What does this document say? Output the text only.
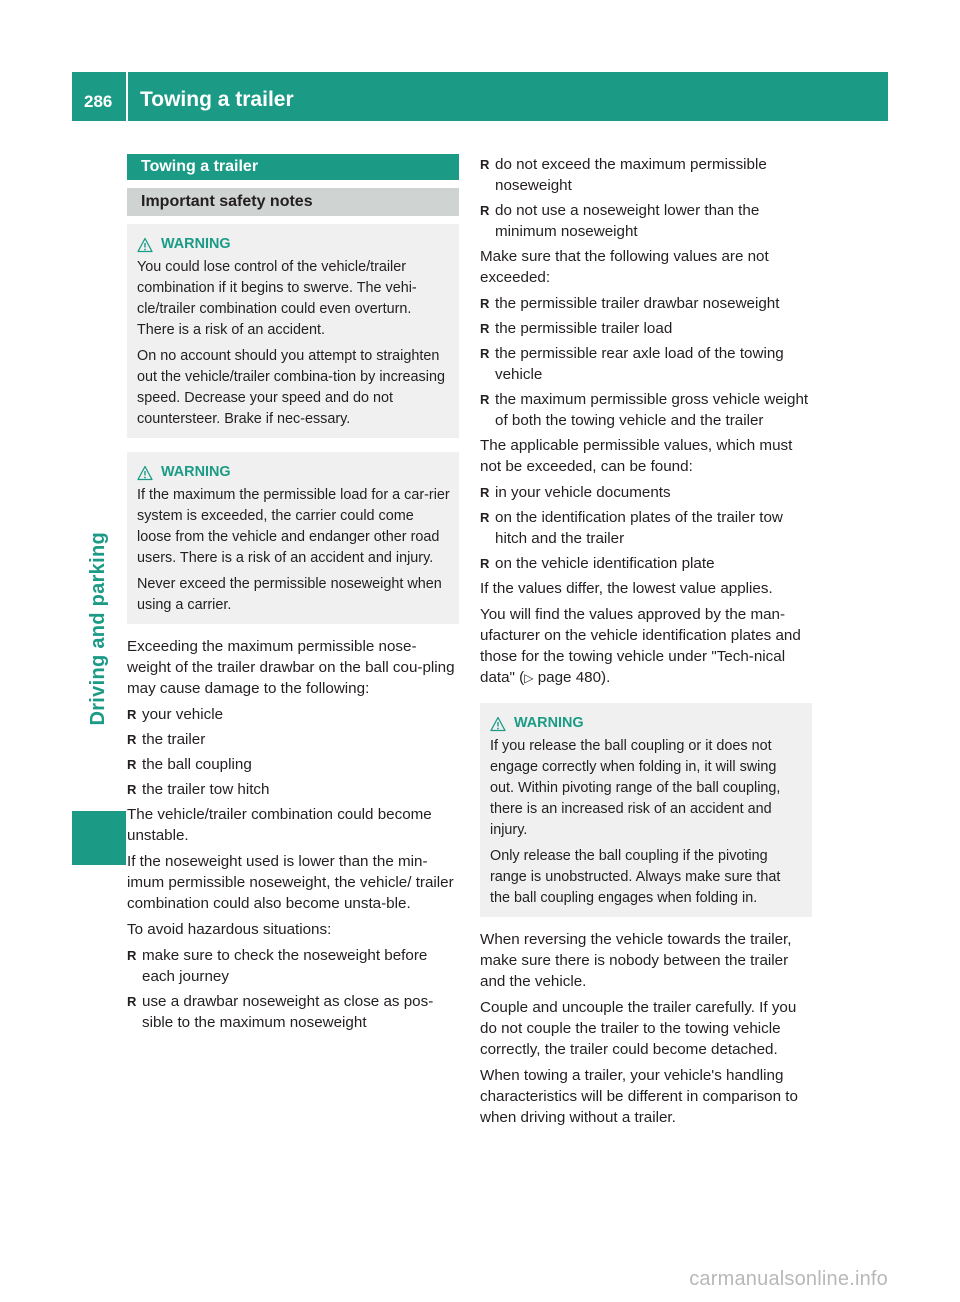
286 Towing a trailer
Driving and parking
Towing a trailer
Important safety notes
WARNING

You could lose control of the vehicle/trailer combination if it begins to swerve. The vehi-cle/trailer combination could even overturn. There is a risk of an accident.

On no account should you attempt to straighten out the vehicle/trailer combina-tion by increasing speed. Decrease your speed and do not countersteer. Brake if nec-essary.

WARNING

If the maximum the permissible load for a car-rier system is exceeded, the carrier could come loose from the vehicle and endanger other road users. There is a risk of an accident and injury.

Never exceed the permissible noseweight when using a carrier.

Exceeding the maximum permissible nose-weight of the trailer drawbar on the ball cou-pling may cause damage to the following:

R your vehicle
R the trailer
R the ball coupling
R the trailer tow hitch

The vehicle/trailer combination could become unstable.

If the noseweight used is lower than the min-imum permissible noseweight, the vehicle/ trailer combination could also become unsta-ble.

To avoid hazardous situations:

R make sure to check the noseweight before each journey
R use a drawbar noseweight as close as pos-sible to the maximum noseweight
R do not exceed the maximum permissible noseweight
R do not use a noseweight lower than the minimum noseweight

Make sure that the following values are not exceeded:

R the permissible trailer drawbar noseweight
R the permissible trailer load
R the permissible rear axle load of the towing vehicle
R the maximum permissible gross vehicle weight of both the towing vehicle and the trailer

The applicable permissible values, which must not be exceeded, can be found:

R in your vehicle documents
R on the identification plates of the trailer tow hitch and the trailer
R on the vehicle identification plate

If the values differ, the lowest value applies.

You will find the values approved by the man-ufacturer on the vehicle identification plates and those for the towing vehicle under "Tech-nical data" (▷ page 480).

WARNING

If you release the ball coupling or it does not engage correctly when folding in, it will swing out. Within pivoting range of the ball coupling, there is an increased risk of an accident and injury.

Only release the ball coupling if the pivoting range is unobstructed. Always make sure that the ball coupling engages when folding in.

When reversing the vehicle towards the trailer, make sure there is nobody between the trailer and the vehicle.

Couple and uncouple the trailer carefully. If you do not couple the trailer to the towing vehicle correctly, the trailer could become detached.

When towing a trailer, your vehicle's handling characteristics will be different in comparison to when driving without a trailer.

carmanualsonline.info
